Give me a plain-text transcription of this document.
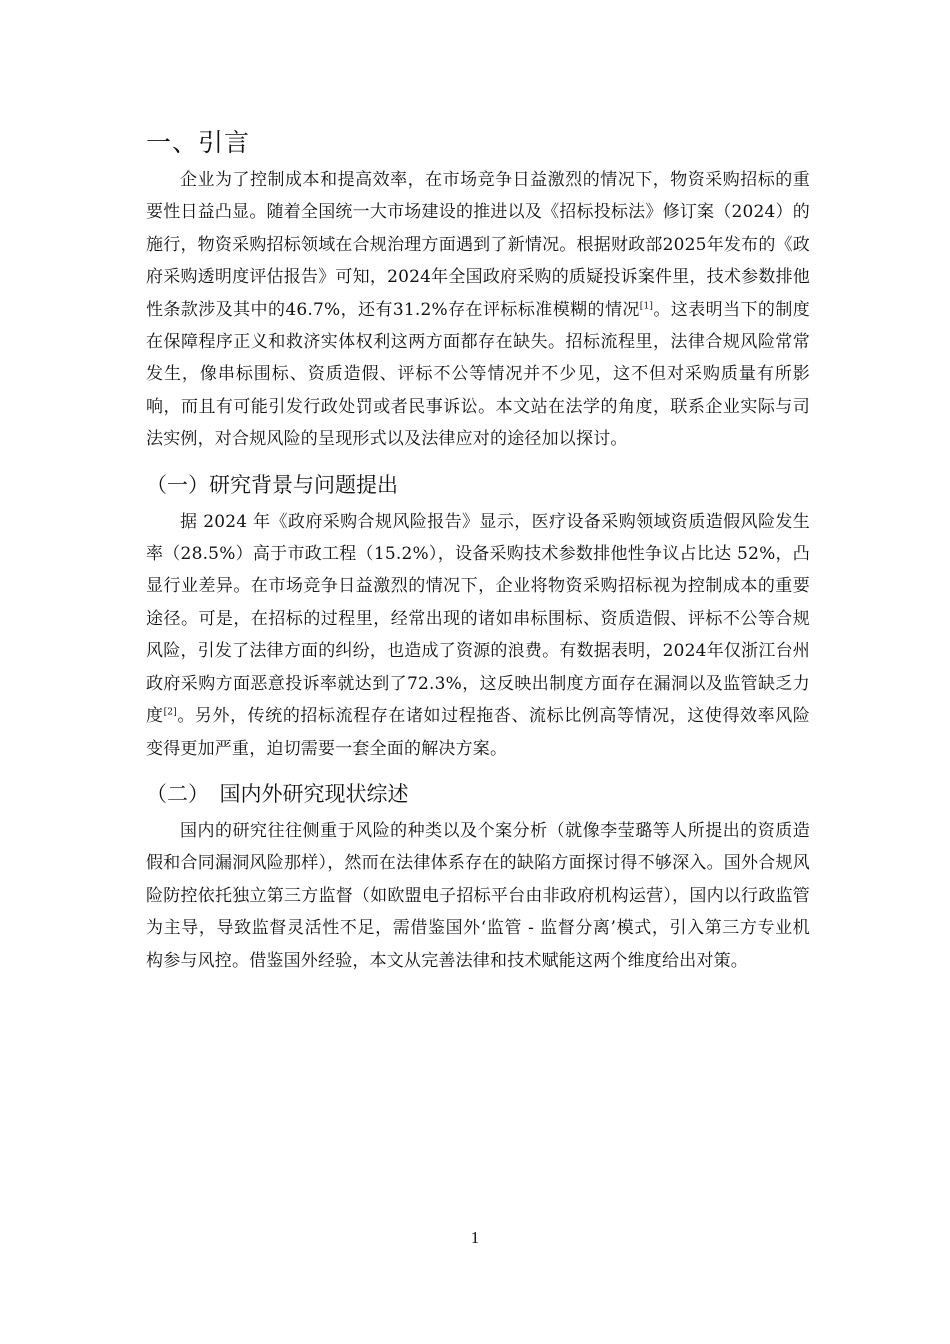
一、引言

企业为了控制成本和提高效率，在市场竞争日益激烈的情况下，物资采购招标的重要性日益凸显。随着全国统一大市场建设的推进以及《招标投标法》修订案（2024）的施行，物资采购招标领域在合规治理方面遇到了新情况。根据财政部2025年发布的《政府采购透明度评估报告》可知，2024年全国政府采购的质疑投诉案件里，技术参数排他性条款涉及其中的46.7%，还有31.2%存在评标标准模糊的情况[1]。这表明当下的制度在保障程序正义和救济实体权利这两方面都存在缺失。招标流程里，法律合规风险常常发生，像串标围标、资质造假、评标不公等情况并不少见，这不但对采购质量有所影响，而且有可能引发行政处罚或者民事诉讼。本文站在法学的角度，联系企业实际与司法实例，对合规风险的呈现形式以及法律应对的途径加以探讨。

（一）研究背景与问题提出

据 2024 年《政府采购合规风险报告》显示，医疗设备采购领域资质造假风险发生率（28.5%）高于市政工程（15.2%），设备采购技术参数排他性争议占比达 52%，凸显行业差异。在市场竞争日益激烈的情况下，企业将物资采购招标视为控制成本的重要途径。可是，在招标的过程里，经常出现的诸如串标围标、资质造假、评标不公等合规风险，引发了法律方面的纠纷，也造成了资源的浪费。有数据表明，2024年仅浙江台州政府采购方面恶意投诉率就达到了72.3%，这反映出制度方面存在漏洞以及监管缺乏力度[2]。另外，传统的招标流程存在诸如过程拖沓、流标比例高等情况，这使得效率风险变得更加严重，迫切需要一套全面的解决方案。

（二）　国内外研究现状综述

国内的研究往往侧重于风险的种类以及个案分析（就像李莹璐等人所提出的资质造假和合同漏洞风险那样），然而在法律体系存在的缺陷方面探讨得不够深入。国外合规风险防控依托独立第三方监督（如欧盟电子招标平台由非政府机构运营），国内以行政监管为主导，导致监督灵活性不足，需借鉴国外‘监管 - 监督分离’模式，引入第三方专业机构参与风控。借鉴国外经验，本文从完善法律和技术赋能这两个维度给出对策。

1
